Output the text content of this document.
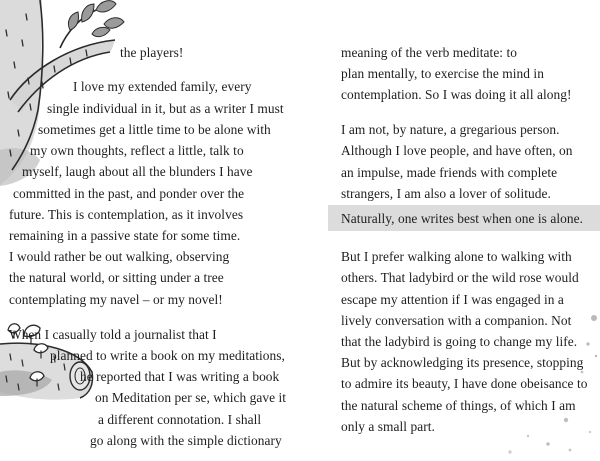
the players!

I love my extended family, every

single individual in it, but as a writer I must

sometimes get a little time to be alone with

my own thoughts, reflect a little, talk to

myself, laugh about all the blunders I have

committed in the past, and ponder over the

future. This is contemplation, as it involves

remaining in a passive state for some time.

I would rather be out walking, observing

the natural world, or sitting under a tree

contemplating my navel – or my novel!

When I casually told a journalist that I

planned to write a book on my meditations,

he reported that I was writing a book

on Meditation per se, which gave it

a different connotation. I shall

go along with the simple dictionary

meaning of the verb meditate: to

plan mentally, to exercise the mind in

contemplation. So I was doing it all along!

I am not, by nature, a gregarious person.

Although I love people, and have often, on

an impulse, made friends with complete

strangers, I am also a lover of solitude.

Naturally, one writes best when one is alone.

But I prefer walking alone to walking with

others. That ladybird or the wild rose would

escape my attention if I was engaged in a

lively conversation with a companion. Not

that the ladybird is going to change my life.

But by acknowledging its presence, stopping

to admire its beauty, I have done obeisance to

the natural scheme of things, of which I am

only a small part.
